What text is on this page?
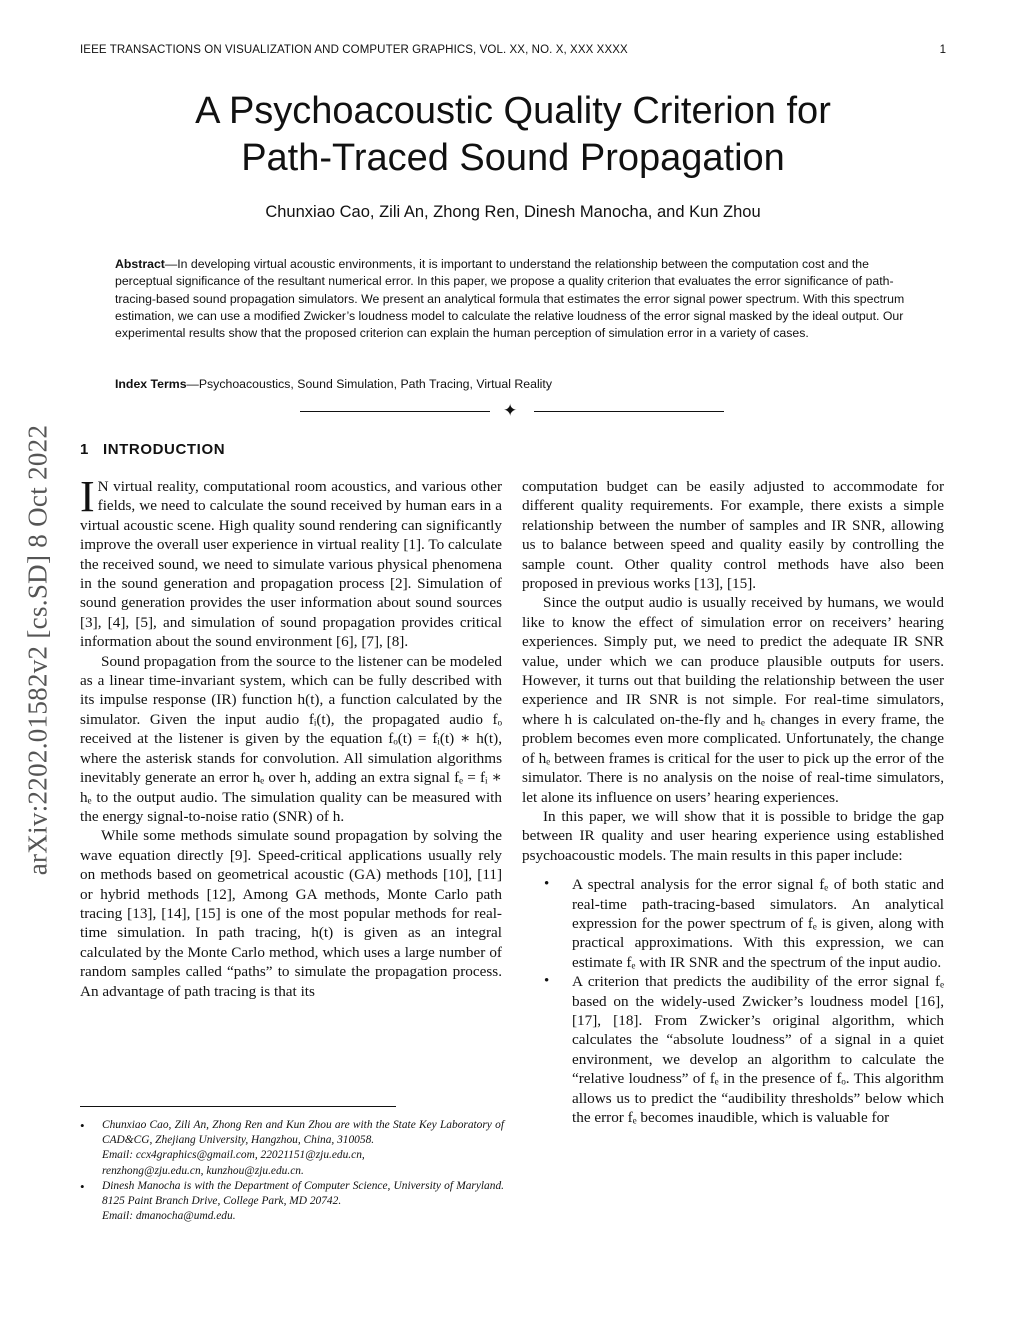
IEEE TRANSACTIONS ON VISUALIZATION AND COMPUTER GRAPHICS, VOL. XX, NO. X, XXX XXXX	1
arXiv:2202.01582v2 [cs.SD] 8 Oct 2022
A Psychoacoustic Quality Criterion for
Path-Traced Sound Propagation
Chunxiao Cao, Zili An, Zhong Ren, Dinesh Manocha, and Kun Zhou
Abstract—In developing virtual acoustic environments, it is important to understand the relationship between the computation cost and the perceptual significance of the resultant numerical error. In this paper, we propose a quality criterion that evaluates the error significance of path-tracing-based sound propagation simulators. We present an analytical formula that estimates the error signal power spectrum. With this spectrum estimation, we can use a modified Zwicker’s loudness model to calculate the relative loudness of the error signal masked by the ideal output. Our experimental results show that the proposed criterion can explain the human perception of simulation error in a variety of cases.
Index Terms—Psychoacoustics, Sound Simulation, Path Tracing, Virtual Reality
✦
1 INTRODUCTION

I N virtual reality, computational room acoustics, and various other fields, we need to calculate the sound received by human ears in a virtual acoustic scene. High quality sound rendering can significantly improve the overall user experience in virtual reality [1]. To calculate the received sound, we need to simulate various physical phenomena in the sound generation and propagation process [2]. Simulation of sound generation provides the user information about sound sources [3], [4], [5], and simulation of sound propagation provides critical information about the sound environment [6], [7], [8].

Sound propagation from the source to the listener can be modeled as a linear time-invariant system, which can be fully described with its impulse response (IR) function h(t), a function calculated by the simulator. Given the input audio fᵢ(t), the propagated audio fₒ received at the listener is given by the equation fₒ(t) = fᵢ(t) ∗ h(t), where the asterisk stands for convolution. All simulation algorithms inevitably generate an error hₑ over h, adding an extra signal fₑ = fᵢ ∗ hₑ to the output audio. The simulation quality can be measured with the energy signal-to-noise ratio (SNR) of h.

While some methods simulate sound propagation by solving the wave equation directly [9]. Speed-critical applications usually rely on methods based on geometrical acoustic (GA) methods [10], [11] or hybrid methods [12], Among GA methods, Monte Carlo path tracing [13], [14], [15] is one of the most popular methods for real-time simulation. In path tracing, h(t) is given as an integral calculated by the Monte Carlo method, which uses a large number of random samples called “paths” to simulate the propagation process. An advantage of path tracing is that its

computation budget can be easily adjusted to accommodate for different quality requirements. For example, there exists a simple relationship between the number of samples and IR SNR, allowing us to balance between speed and quality easily by controlling the sample count. Other quality control methods have also been proposed in previous works [13], [15].

Since the output audio is usually received by humans, we would like to know the effect of simulation error on receivers’ hearing experiences. Simply put, we need to predict the adequate IR SNR value, under which we can produce plausible outputs for users. However, it turns out that building the relationship between the user experience and IR SNR is not simple. For real-time simulators, where h is calculated on-the-fly and hₑ changes in every frame, the problem becomes even more complicated. Unfortunately, the change of hₑ between frames is critical for the user to pick up the error of the simulator. There is no analysis on the noise of real-time simulators, let alone its influence on users’ hearing experiences.

In this paper, we will show that it is possible to bridge the gap between IR quality and user hearing experience using established psychoacoustic models. The main results in this paper include:

• A spectral analysis for the error signal fₑ of both static and real-time path-tracing-based simulators. An analytical expression for the power spectrum of fₑ is given, along with practical approximations. With this expression, we can estimate fₑ with IR SNR and the spectrum of the input audio.
• A criterion that predicts the audibility of the error signal fₑ based on the widely-used Zwicker’s loudness model [16], [17], [18]. From Zwicker’s original algorithm, which calculates the “absolute loudness” of a signal in a quiet environment, we develop an algorithm to calculate the “relative loudness” of fₑ in the presence of fₒ. This algorithm allows us to predict the “audibility thresholds” below which the error fₑ becomes inaudible, which is valuable for
• Chunxiao Cao, Zili An, Zhong Ren and Kun Zhou are with the State Key Laboratory of CAD&CG, Zhejiang University, Hangzhou, China, 310058.
Email: ccx4graphics@gmail.com, 22021151@zju.edu.cn,
renzhong@zju.edu.cn, kunzhou@zju.edu.cn.
• Dinesh Manocha is with the Department of Computer Science, University of Maryland. 8125 Paint Branch Drive, College Park, MD 20742.
Email: dmanocha@umd.edu.
